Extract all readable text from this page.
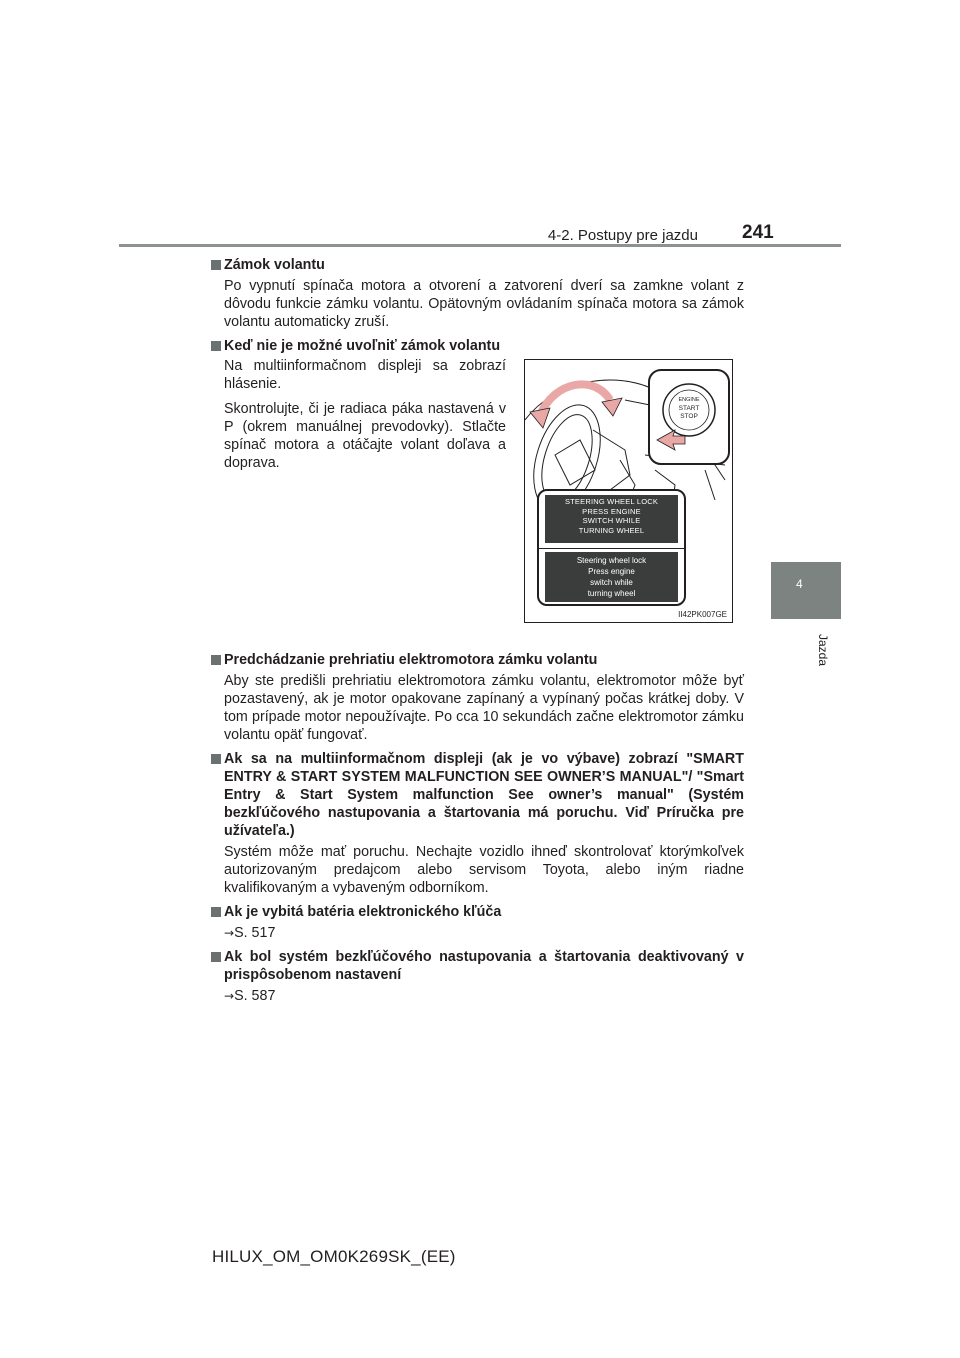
4-2. Postupy pre jazdu 241
4
Jazda
Zámok volantu

Po vypnutí spínača motora a otvorení a zatvorení dverí sa zamkne volant z dôvodu funkcie zámku volantu. Opätovným ovládaním spínača motora sa zámok volantu automaticky zruší.

Keď nie je možné uvoľniť zámok volantu

Na multiinformačnom displeji sa zobrazí hlásenie.

Skontrolujte, či je radiaca páka nastavená v P (okrem manuálnej prevodovky). Stlačte spínač motora a otáčajte volant doľava a doprava.

ENGINE
START
STOP
STEERING WHEEL LOCK
PRESS ENGINE
SWITCH WHILE
TURNING WHEEL
Steering wheel lock
Press engine
switch while
turning wheel
II42PK007GE
Predchádzanie prehriatiu elektromotora zámku volantu

Aby ste predišli prehriatiu elektromotora zámku volantu, elektromotor môže byť pozastavený, ak je motor opakovane zapínaný a vypínaný počas krátkej doby. V tom prípade motor nepoužívajte. Po cca 10 sekundách začne elektromotor zámku volantu opäť fungovať.

Ak sa na multiinformačnom displeji (ak je vo výbave) zobrazí "SMART ENTRY & START SYSTEM MALFUNCTION SEE OWNER’S MANUAL"/ "Smart Entry & Start System malfunction See owner’s manual" (Systém bezkľúčového nastupovania a štartovania má poruchu. Viď Príručka pre užívateľa.)

Systém môže mať poruchu. Nechajte vozidlo ihneď skontrolovať ktorýmkoľvek autorizovaným predajcom alebo servisom Toyota, alebo iným riadne kvalifikovaným a vybaveným odborníkom.

Ak je vybitá batéria elektronického kľúča

→S. 517

Ak bol systém bezkľúčového nastupovania a štartovania deaktivovaný v prispôsobenom nastavení

→S. 587

HILUX_OM_OM0K269SK_(EE)
